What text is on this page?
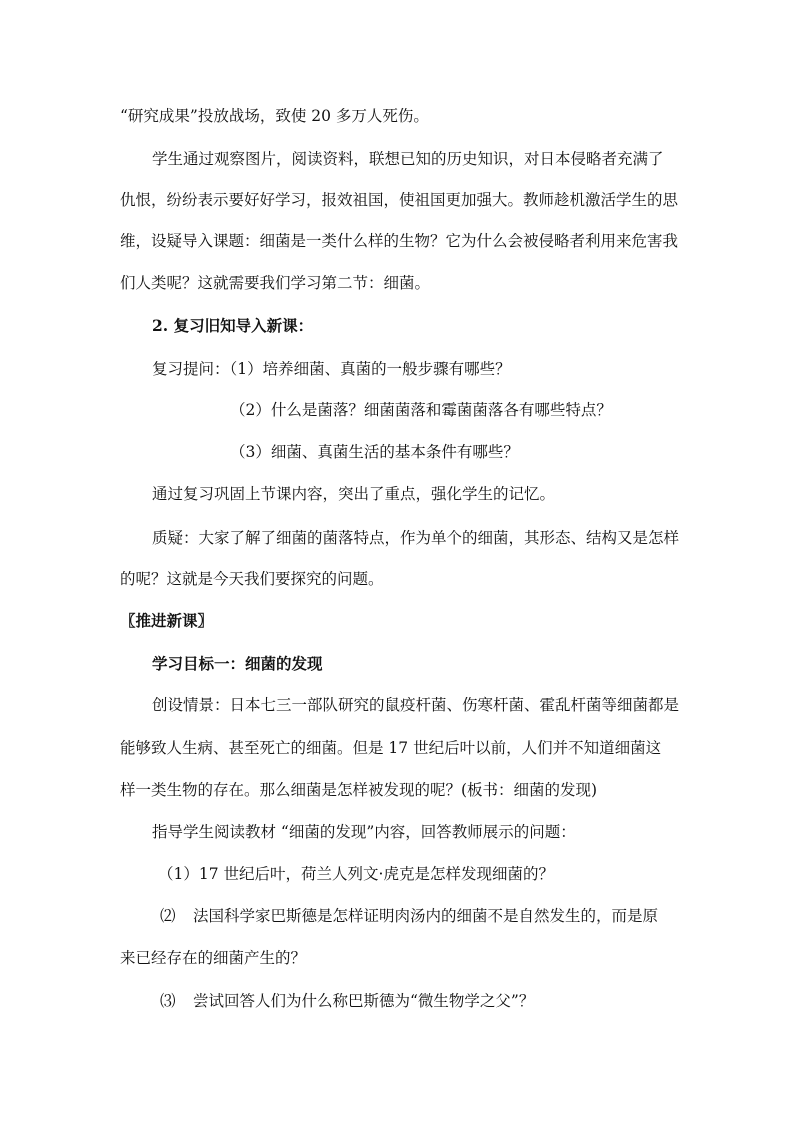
“研究成果”投放战场，致使 20 多万人死伤。
学生通过观察图片，阅读资料，联想已知的历史知识，对日本侵略者充满了
仇恨，纷纷表示要好好学习，报效祖国，使祖国更加强大。教师趁机激活学生的思
维，设疑导入课题：细菌是一类什么样的生物？它为什么会被侵略者利用来危害我
们人类呢？这就需要我们学习第二节：细菌。
2. 复习旧知导入新课：
复习提问：（1）培养细菌、真菌的一般步骤有哪些？
（2）什么是菌落？细菌菌落和霉菌菌落各有哪些特点？
（3）细菌、真菌生活的基本条件有哪些？
通过复习巩固上节课内容，突出了重点，强化学生的记忆。
质疑：大家了解了细菌的菌落特点，作为单个的细菌，其形态、结构又是怎样
的呢？这就是今天我们要探究的问题。
〖推进新课〗
学习目标一：细菌的发现
创设情景：日本七三一部队研究的鼠疫杆菌、伤寒杆菌、霍乱杆菌等细菌都是
能够致人生病、甚至死亡的细菌。但是 17 世纪后叶以前，人们并不知道细菌这
样一类生物的存在。那么细菌是怎样被发现的呢？(板书：细菌的发现)
指导学生阅读教材 “细菌的发现”内容，回答教师展示的问题：
（1）17 世纪后叶，荷兰人列文·虎克是怎样发现细菌的？
⑵ 法国科学家巴斯德是怎样证明肉汤内的细菌不是自然发生的，而是原
来已经存在的细菌产生的？
⑶ 尝试回答人们为什么称巴斯德为“微生物学之父”？
